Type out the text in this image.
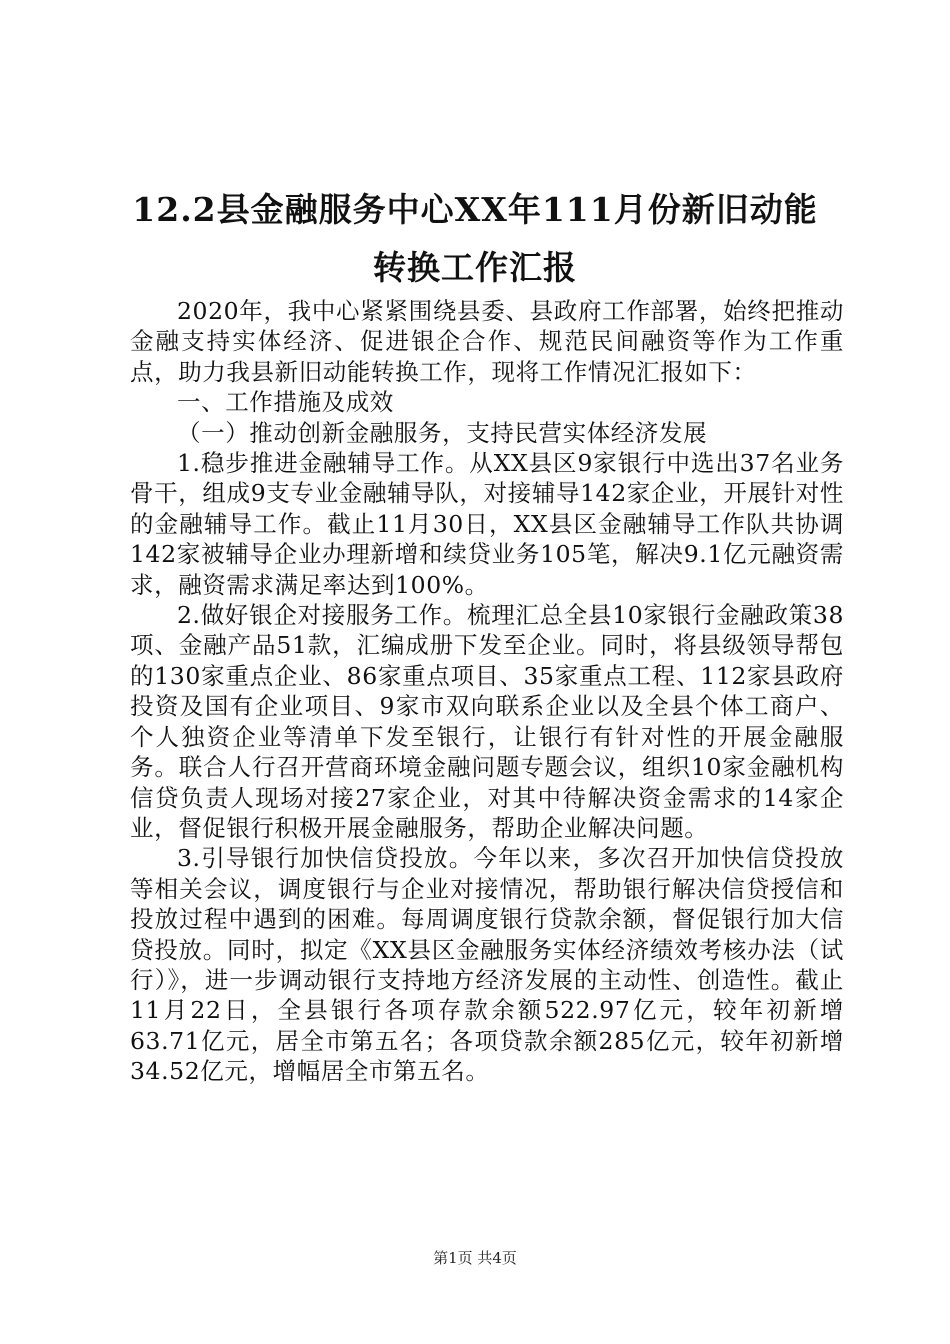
12.2县金融服务中心XX年111月份新旧动能
转换工作汇报

2020年，我中心紧紧围绕县委、县政府工作部署，始终把推动金融支持实体经济、促进银企合作、规范民间融资等作为工作重点，助力我县新旧动能转换工作，现将工作情况汇报如下：

一、工作措施及成效

（一）推动创新金融服务，支持民营实体经济发展

1.稳步推进金融辅导工作。从XX县区9家银行中选出37名业务骨干，组成9支专业金融辅导队，对接辅导142家企业，开展针对性的金融辅导工作。截止11月30日，XX县区金融辅导工作队共协调142家被辅导企业办理新增和续贷业务105笔，解决9.1亿元融资需求，融资需求满足率达到100%。

2.做好银企对接服务工作。梳理汇总全县10家银行金融政策38项、金融产品51款，汇编成册下发至企业。同时，将县级领导帮包的130家重点企业、86家重点项目、35家重点工程、112家县政府投资及国有企业项目、9家市双向联系企业以及全县个体工商户、个人独资企业等清单下发至银行，让银行有针对性的开展金融服务。联合人行召开营商环境金融问题专题会议，组织10家金融机构信贷负责人现场对接27家企业，对其中待解决资金需求的14家企业，督促银行积极开展金融服务，帮助企业解决问题。

3.引导银行加快信贷投放。今年以来，多次召开加快信贷投放等相关会议，调度银行与企业对接情况，帮助银行解决信贷授信和投放过程中遇到的困难。每周调度银行贷款余额，督促银行加大信贷投放。同时，拟定《XX县区金融服务实体经济绩效考核办法（试行）》，进一步调动银行支持地方经济发展的主动性、创造性。截止11月22日，全县银行各项存款余额522.97亿元，较年初新增63.71亿元，居全市第五名；各项贷款余额285亿元，较年初新增34.52亿元，增幅居全市第五名。

第1页 共4页
